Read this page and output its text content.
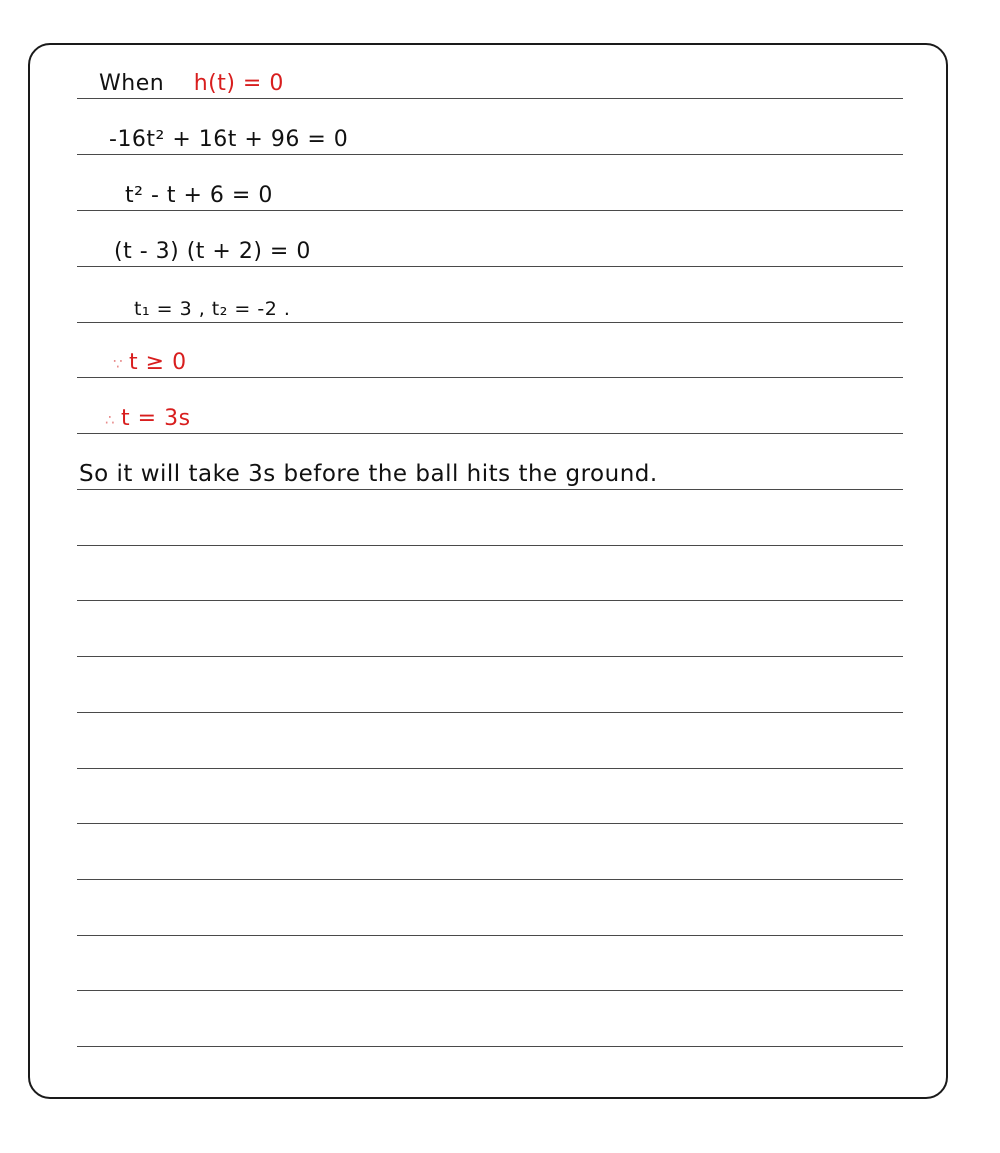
When h(t) = 0
-16t² + 16t + 96 = 0
t² - t + 6 = 0
(t - 3) (t + 2) = 0
t₁ = 3 , t₂ = -2 .
∵ t ≥ 0
∴ t = 3s
So it will take 3s before the ball hits the ground.
